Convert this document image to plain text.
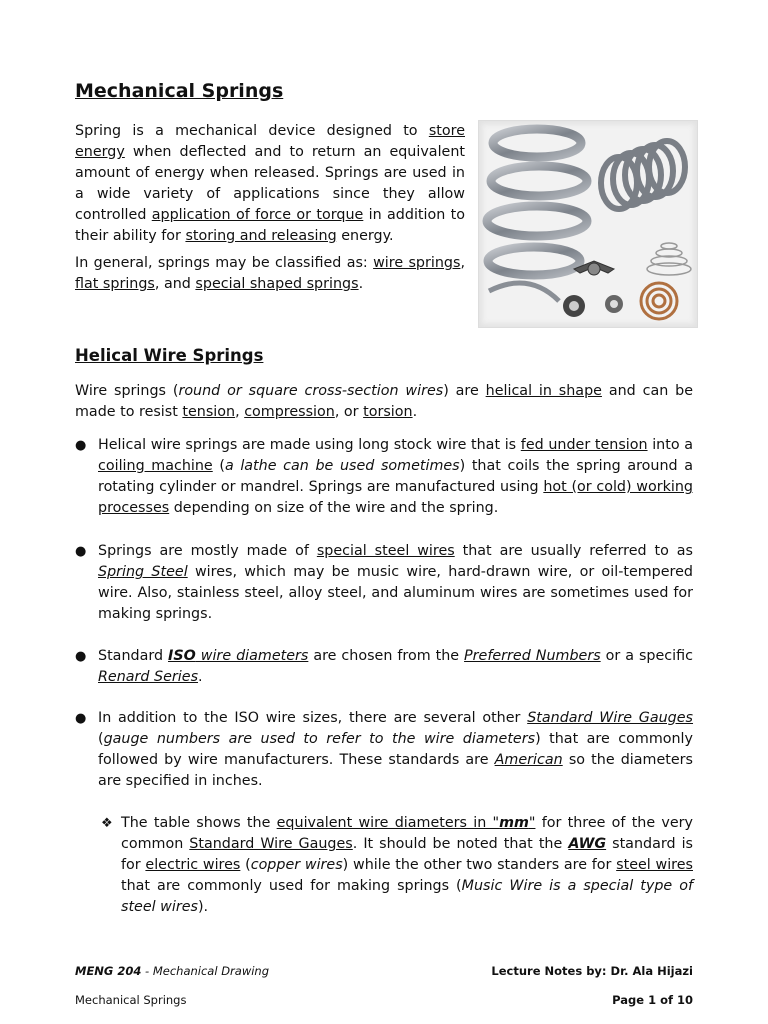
Mechanical Springs

Spring is a mechanical device designed to store energy when deflected and to return an equivalent amount of energy when released. Springs are used in a wide variety of applications since they allow controlled application of force or torque in addition to their ability for storing and releasing energy.

In general, springs may be classified as: wire springs, flat springs, and special shaped springs.

Helical Wire Springs
Wire springs (round or square cross-section wires) are helical in shape and can be made to resist tension, compression, or torsion.
● Helical wire springs are made using long stock wire that is fed under tension into a coiling machine (a lathe can be used sometimes) that coils the spring around a rotating cylinder or mandrel. Springs are manufactured using hot (or cold) working processes depending on size of the wire and the spring.
● Springs are mostly made of special steel wires that are usually referred to as Spring Steel wires, which may be music wire, hard-drawn wire, or oil-tempered wire. Also, stainless steel, alloy steel, and aluminum wires are sometimes used for making springs.
● Standard ISO wire diameters are chosen from the Preferred Numbers or a specific Renard Series.
● In addition to the ISO wire sizes, there are several other Standard Wire Gauges (gauge numbers are used to refer to the wire diameters) that are commonly followed by wire manufacturers. These standards are American so the diameters are specified in inches.
❖ The table shows the equivalent wire diameters in "mm" for three of the very common Standard Wire Gauges. It should be noted that the AWG standard is for electric wires (copper wires) while the other two standers are for steel wires that are commonly used for making springs (Music Wire is a special type of steel wires).
MENG 204 - Mechanical Drawing	Lecture Notes by: Dr. Ala Hijazi
Mechanical Springs	Page 1 of 10
